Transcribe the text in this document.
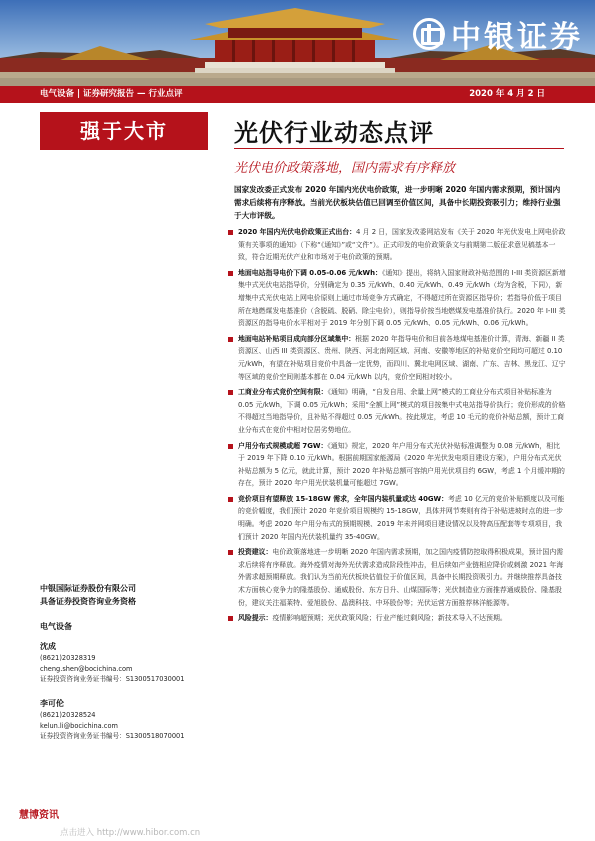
中银证券
电气设备 | 证券研究报告 — 行业点评	2020 年 4 月 2 日
强于大市	光伏行业动态点评
光伏电价政策落地，国内需求有序释放
国家发改委正式发布 2020 年国内光伏电价政策，进一步明晰 2020 年国内需求预期，预计国内需求后续将有序释放。当前光伏板块估值已回调至价值区间，具备中长期投资吸引力；维持行业强于大市评级。
2020 年国内光伏电价政策正式出台：4 月 2 日，国家发改委网站发布《关于 2020 年光伏发电上网电价政策有关事项的通知》（下称“《通知》”或“文件”）。正式印发的电价政策条文与前期第二版征求意见稿基本一致，符合近期光伏产业和市场对于电价政策的预期。
地面电站指导电价下调 0.05-0.06 元/kWh：《通知》提出，将纳入国家财政补贴范围的 I-III 类资源区新增集中式光伏电站指导价，分别确定为 0.35 元/kWh、0.40 元/kWh、0.49 元/kWh（均为含税，下同），新增集中式光伏电站上网电价原则上通过市场竞争方式确定，不得超过所在资源区指导价；若指导价低于项目所在地燃煤发电基准价（含脱硫、脱硝、除尘电价），则指导价按当地燃煤发电基准价执行。2020 年 I-III 类资源区的指导电价水平相对于 2019 年分别下调 0.05 元/kWh、0.05 元/kWh、0.06 元/kWh。
地面电站补贴项目成向部分区域集中：根据 2020 年指导电价和目前各地煤电基准价计算，青海、新疆 II 类资源区、山西 III 类资源区、贵州、陕西、河北南网区域、河南、安徽等地区的补贴竞价空间均可超过 0.10 元/kWh，有望在补贴项目竞价中具备一定优势，而四川、冀北电网区域、湖南、广东、吉林、黑龙江、辽宁等区域的竞价空间则基本都在 0.04 元/kWh 以内，竞价空间相对较小。
工商业分布式竞价空间有限：《通知》明确，“自发自用、余量上网”模式的工商业分布式项目补贴标准为 0.05 元/kWh，下调 0.05 元/kWh；采用“全额上网”模式的项目按集中式电站指导价执行；竞价形成的价格不得超过当地指导价，且补贴不得超过 0.05 元/kWh。按此规定，考虑 10 毛元的竞价补贴总额，预计工商业分布式在竞价中相对位居劣势地位。
户用分布式规模或超 7GW：《通知》规定，2020 年户用分布式光伏补贴标准调整为 0.08 元/kWh，相比于 2019 年下降 0.10 元/kWh。根据前期国家能源局《2020 年光伏发电项目建设方案》，户用分布式光伏补贴总额为 5 亿元，就此计算，预计 2020 年补贴总额可容纳户用光伏项目约 6GW，考虑 1 个月缓冲期的存在，预计 2020 年户用光伏装机量可能超过 7GW。
竞价项目有望释放 15-18GW 需求，全年国内装机量或达 40GW：考虑 10 亿元的竞价补贴额度以及可能的竞价幅度，我们预计 2020 年竞价项目规模约 15-18GW，具体并网节奏则有待于补贴进坡时点的进一步明确。考虑 2020 年户用分布式的预期规模、2019 年未并网项目建设情况以及特高压配套等专项项目，我们预计 2020 年国内光伏装机量约 35-40GW。
投资建议：电价政策落地进一步明晰 2020 年国内需求预期，加之国内疫情防控取得积极成果，预计国内需求后续将有序释放。海外疫情对海外光伏需求造成阶段性冲击，但后续如产业链相应降价或刺激 2021 年海外需求超预期释放。我们认为当前光伏板块估值位于价值区间，具备中长期投资吸引力。并继续推荐具备技术方面核心竞争力的隆基股份、通威股份、东方日升、山煤国际等；光伏制造业方面推荐通威股份、隆基股份，建议关注福莱特、爱旭股份、晶澳科技、中环股份等；光伏运营方面推荐林洋能源等。
风险提示：疫情影响超预期；光伏政策风险；行业产能过剩风险；新技术导入不达预期。
中银国际证券股份有限公司
具备证券投资咨询业务资格
电气设备
沈成
(8621)20328319
cheng.shen@bocichina.com
证券投资咨询业务证书编号：S1300517030001
李可伦
(8621)20328524
kelun.li@bocichina.com
证券投资咨询业务证书编号：S1300518070001
慧博资讯
点击进入 http://www.hibor.com.cn
